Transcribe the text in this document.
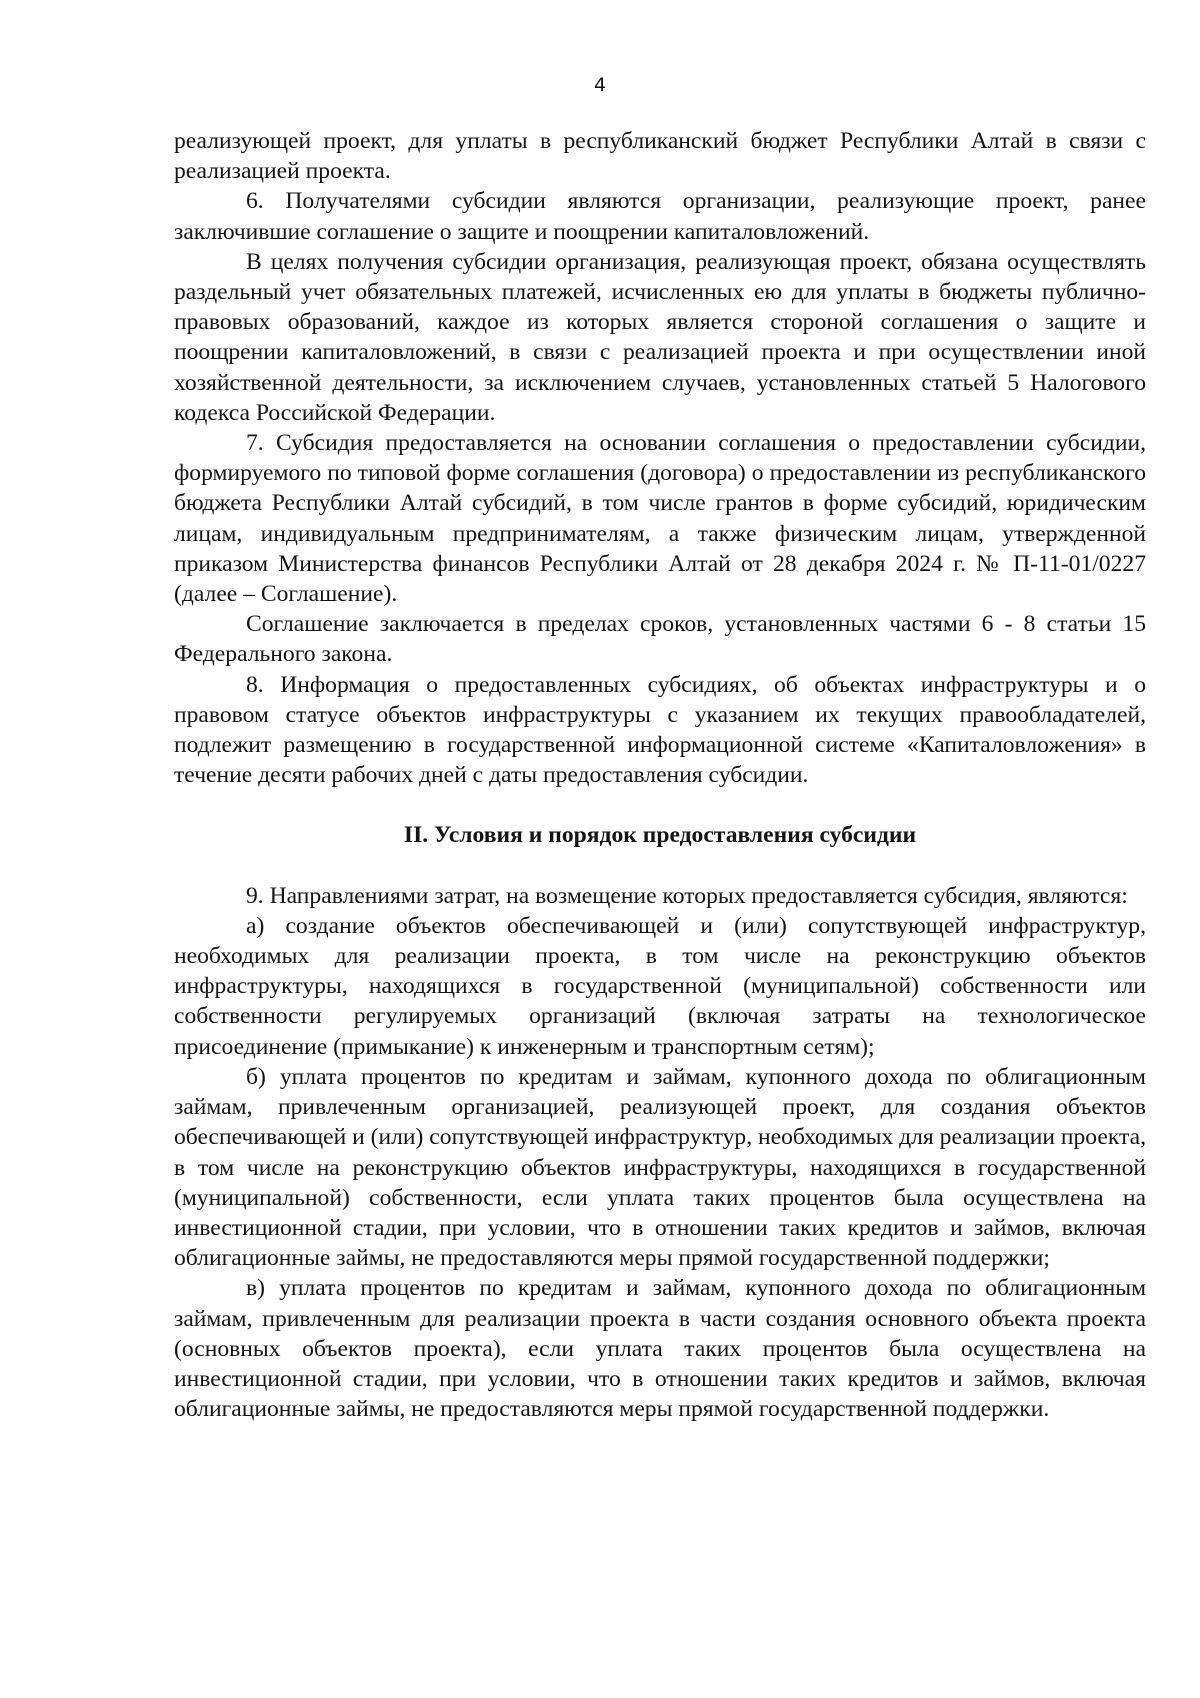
4

реализующей проект, для уплаты в республиканский бюджет Республики Алтай в связи с реализацией проекта.

6. Получателями субсидии являются организации, реализующие проект, ранее заключившие соглашение о защите и поощрении капиталовложений.

В целях получения субсидии организация, реализующая проект, обязана осуществлять раздельный учет обязательных платежей, исчисленных ею для уплаты в бюджеты публично-правовых образований, каждое из которых является стороной соглашения о защите и поощрении капиталовложений, в связи с реализацией проекта и при осуществлении иной хозяйственной деятельности, за исключением случаев, установленных статьей 5 Налогового кодекса Российской Федерации.

7. Субсидия предоставляется на основании соглашения о предоставлении субсидии, формируемого по типовой форме соглашения (договора) о предоставлении из республиканского бюджета Республики Алтай субсидий, в том числе грантов в форме субсидий, юридическим лицам, индивидуальным предпринимателям, а также физическим лицам, утвержденной приказом Министерства финансов Республики Алтай от 28 декабря 2024 г. № П-11-01/0227 (далее – Соглашение).

Соглашение заключается в пределах сроков, установленных частями 6 - 8 статьи 15 Федерального закона.

8. Информация о предоставленных субсидиях, об объектах инфраструктуры и о правовом статусе объектов инфраструктуры с указанием их текущих правообладателей, подлежит размещению в государственной информационной системе «Капиталовложения» в течение десяти рабочих дней с даты предоставления субсидии.

II. Условия и порядок предоставления субсидии

9. Направлениями затрат, на возмещение которых предоставляется субсидия, являются:

а) создание объектов обеспечивающей и (или) сопутствующей инфраструктур, необходимых для реализации проекта, в том числе на реконструкцию объектов инфраструктуры, находящихся в государственной (муниципальной) собственности или собственности регулируемых организаций (включая затраты на технологическое присоединение (примыкание) к инженерным и транспортным сетям);

б) уплата процентов по кредитам и займам, купонного дохода по облигационным займам, привлеченным организацией, реализующей проект, для создания объектов обеспечивающей и (или) сопутствующей инфраструктур, необходимых для реализации проекта, в том числе на реконструкцию объектов инфраструктуры, находящихся в государственной (муниципальной) собственности, если уплата таких процентов была осуществлена на инвестиционной стадии, при условии, что в отношении таких кредитов и займов, включая облигационные займы, не предоставляются меры прямой государственной поддержки;

в) уплата процентов по кредитам и займам, купонного дохода по облигационным займам, привлеченным для реализации проекта в части создания основного объекта проекта (основных объектов проекта), если уплата таких процентов была осуществлена на инвестиционной стадии, при условии, что в отношении таких кредитов и займов, включая облигационные займы, не предоставляются меры прямой государственной поддержки.
